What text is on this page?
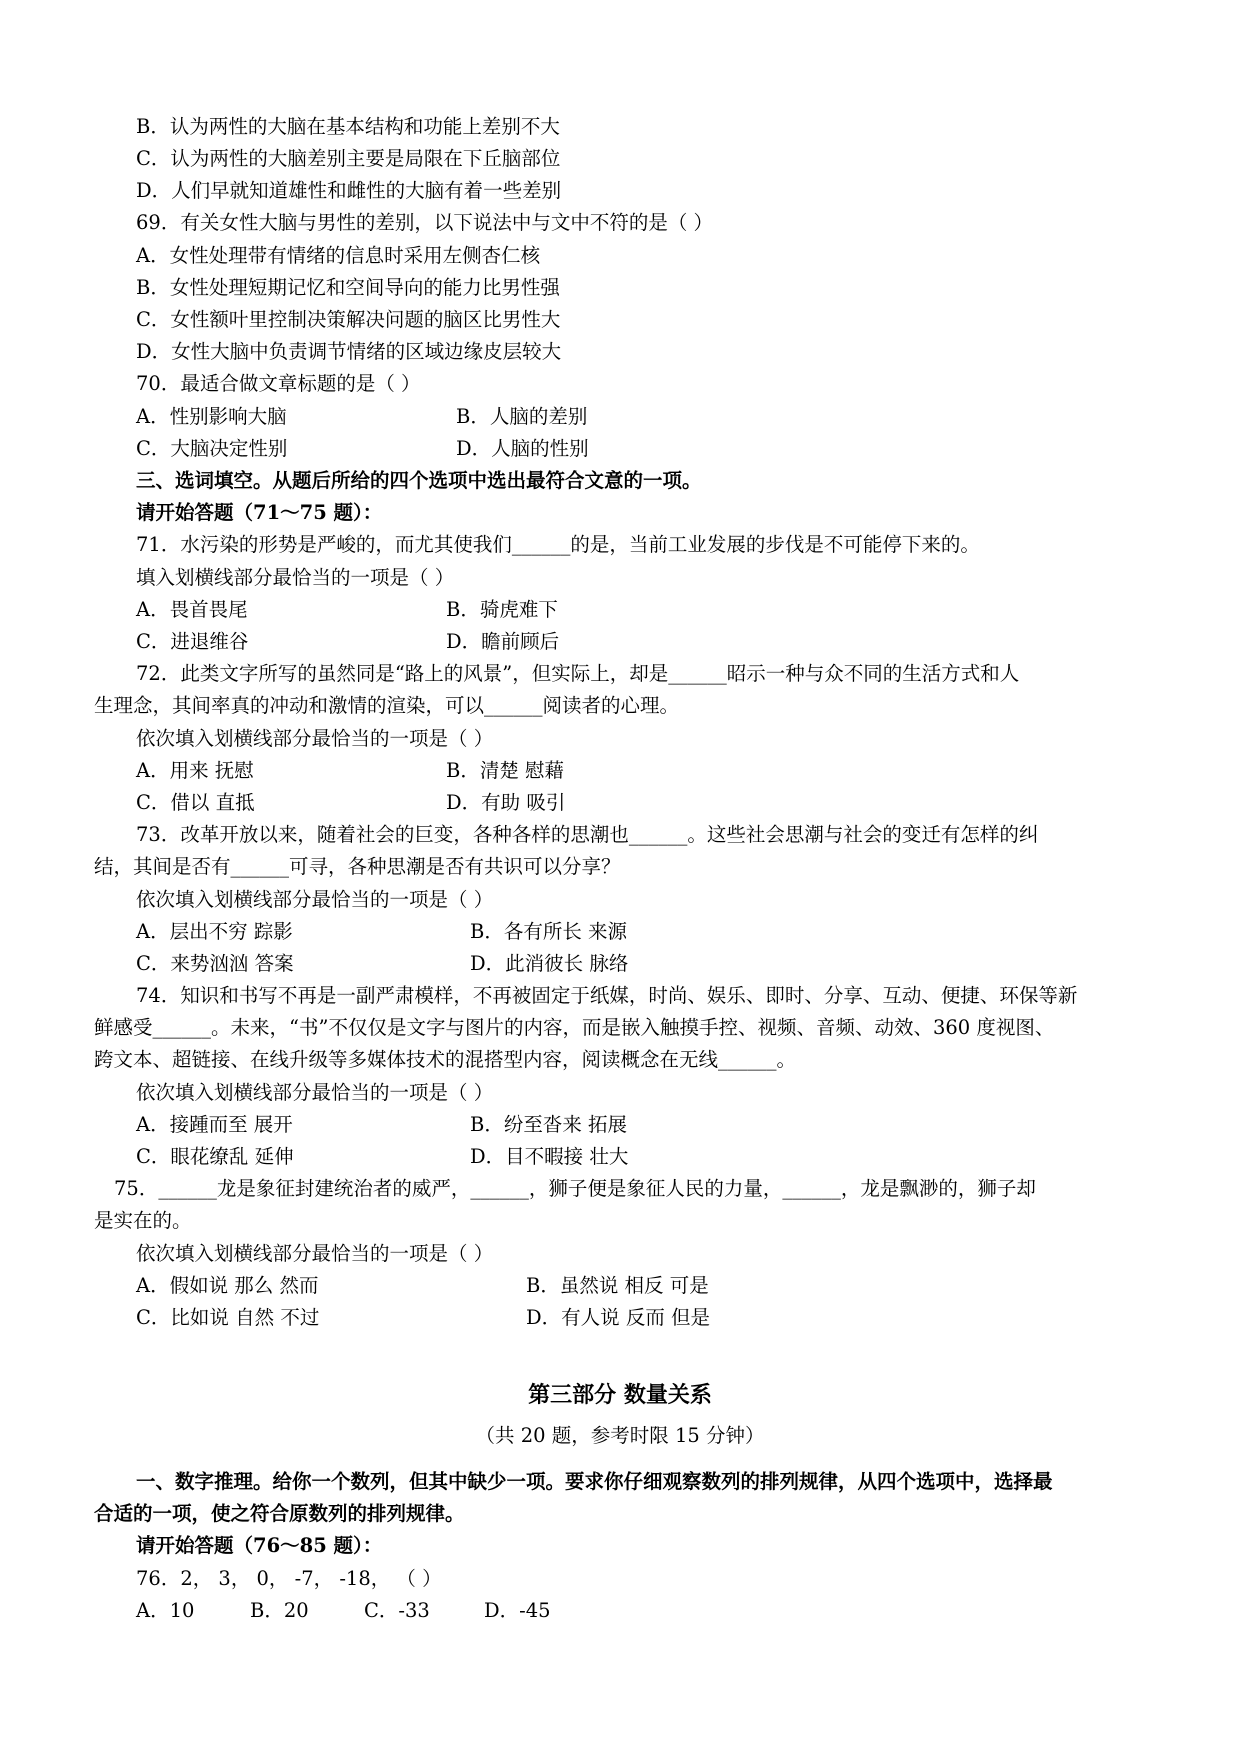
B．认为两性的大脑在基本结构和功能上差别不大
C．认为两性的大脑差别主要是局限在下丘脑部位
D．人们早就知道雄性和雌性的大脑有着一些差别
69．有关女性大脑与男性的差别，以下说法中与文中不符的是（ ）
A．女性处理带有情绪的信息时采用左侧杏仁核
B．女性处理短期记忆和空间导向的能力比男性强
C．女性额叶里控制决策解决问题的脑区比男性大
D．女性大脑中负责调节情绪的区域边缘皮层较大
70．最适合做文章标题的是（ ）
A．性别影响大脑	B．人脑的差别
C．大脑决定性别	D．人脑的性别
三、选词填空。从题后所给的四个选项中选出最符合文意的一项。
请开始答题（71～75 题）：
71．水污染的形势是严峻的，而尤其使我们______的是，当前工业发展的步伐是不可能停下来的。
填入划横线部分最恰当的一项是（ ）
A．畏首畏尾	B．骑虎难下
C．进退维谷	D．瞻前顾后
72．此类文字所写的虽然同是“路上的风景”，但实际上，却是______昭示一种与众不同的生活方式和人
生理念，其间率真的冲动和激情的渲染，可以______阅读者的心理。
依次填入划横线部分最恰当的一项是（ ）
A．用来 抚慰	B．清楚 慰藉
C．借以 直抵	D．有助 吸引
73．改革开放以来，随着社会的巨变，各种各样的思潮也______。这些社会思潮与社会的变迁有怎样的纠
结，其间是否有______可寻，各种思潮是否有共识可以分享？
依次填入划横线部分最恰当的一项是（ ）
A．层出不穷 踪影	B．各有所长 来源
C．来势汹汹 答案	D．此消彼长 脉络
74．知识和书写不再是一副严肃模样，不再被固定于纸媒，时尚、娱乐、即时、分享、互动、便捷、环保等新
鲜感受______。未来，“书”不仅仅是文字与图片的内容，而是嵌入触摸手控、视频、音频、动效、360 度视图、
跨文本、超链接、在线升级等多媒体技术的混搭型内容，阅读概念在无线______。
依次填入划横线部分最恰当的一项是（ ）
A．接踵而至 展开	B．纷至沓来 拓展
C．眼花缭乱 延伸	D．目不暇接 壮大
75．______龙是象征封建统治者的威严，______，狮子便是象征人民的力量，______，龙是飘渺的，狮子却
是实在的。
依次填入划横线部分最恰当的一项是（ ）
A．假如说 那么 然而	B．虽然说 相反 可是
C．比如说 自然 不过	D．有人说 反而 但是
第三部分 数量关系
（共 20 题，参考时限 15 分钟）
一、数字推理。给你一个数列，但其中缺少一项。要求你仔细观察数列的排列规律，从四个选项中，选择最
合适的一项，使之符合原数列的排列规律。
请开始答题（76～85 题）：
76．2， 3， 0， -7， -18， （ ）
A．10	B．20	C．-33	D．-45
